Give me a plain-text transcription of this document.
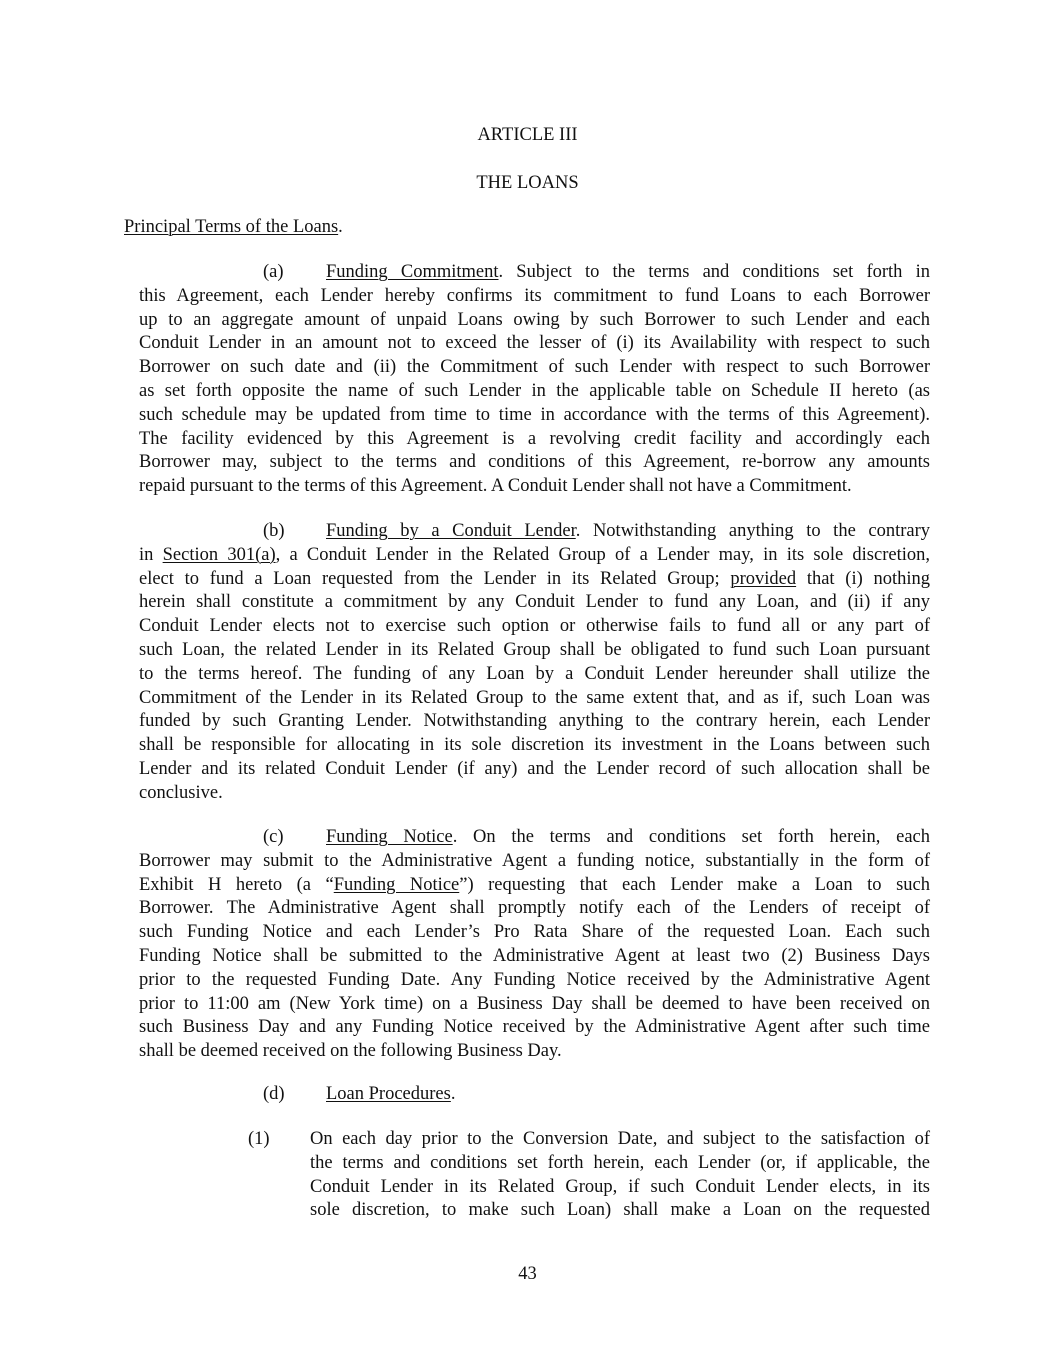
ARTICLE III
THE LOANS
Principal Terms of the Loans.
(a) Funding Commitment. Subject to the terms and conditions set forth in
this Agreement, each Lender hereby confirms its commitment to fund Loans to each Borrower
up to an aggregate amount of unpaid Loans owing by such Borrower to such Lender and each
Conduit Lender in an amount not to exceed the lesser of (i) its Availability with respect to such
Borrower on such date and (ii) the Commitment of such Lender with respect to such Borrower
as set forth opposite the name of such Lender in the applicable table on Schedule II hereto (as
such schedule may be updated from time to time in accordance with the terms of this Agreement).
The facility evidenced by this Agreement is a revolving credit facility and accordingly each
Borrower may, subject to the terms and conditions of this Agreement, re-borrow any amounts
repaid pursuant to the terms of this Agreement. A Conduit Lender shall not have a Commitment.
(b) Funding by a Conduit Lender. Notwithstanding anything to the contrary
in Section 301(a), a Conduit Lender in the Related Group of a Lender may, in its sole discretion,
elect to fund a Loan requested from the Lender in its Related Group; provided that (i) nothing
herein shall constitute a commitment by any Conduit Lender to fund any Loan, and (ii) if any
Conduit Lender elects not to exercise such option or otherwise fails to fund all or any part of
such Loan, the related Lender in its Related Group shall be obligated to fund such Loan pursuant
to the terms hereof. The funding of any Loan by a Conduit Lender hereunder shall utilize the
Commitment of the Lender in its Related Group to the same extent that, and as if, such Loan was
funded by such Granting Lender. Notwithstanding anything to the contrary herein, each Lender
shall be responsible for allocating in its sole discretion its investment in the Loans between such
Lender and its related Conduit Lender (if any) and the Lender record of such allocation shall be
conclusive.
(c) Funding Notice. On the terms and conditions set forth herein, each
Borrower may submit to the Administrative Agent a funding notice, substantially in the form of
Exhibit H hereto (a “Funding Notice”) requesting that each Lender make a Loan to such
Borrower. The Administrative Agent shall promptly notify each of the Lenders of receipt of
such Funding Notice and each Lender’s Pro Rata Share of the requested Loan. Each such
Funding Notice shall be submitted to the Administrative Agent at least two (2) Business Days
prior to the requested Funding Date. Any Funding Notice received by the Administrative Agent
prior to 11:00 am (New York time) on a Business Day shall be deemed to have been received on
such Business Day and any Funding Notice received by the Administrative Agent after such time
shall be deemed received on the following Business Day.
(d) Loan Procedures.
(1) On each day prior to the Conversion Date, and subject to the satisfaction of
the terms and conditions set forth herein, each Lender (or, if applicable, the
Conduit Lender in its Related Group, if such Conduit Lender elects, in its
sole discretion, to make such Loan) shall make a Loan on the requested
43
